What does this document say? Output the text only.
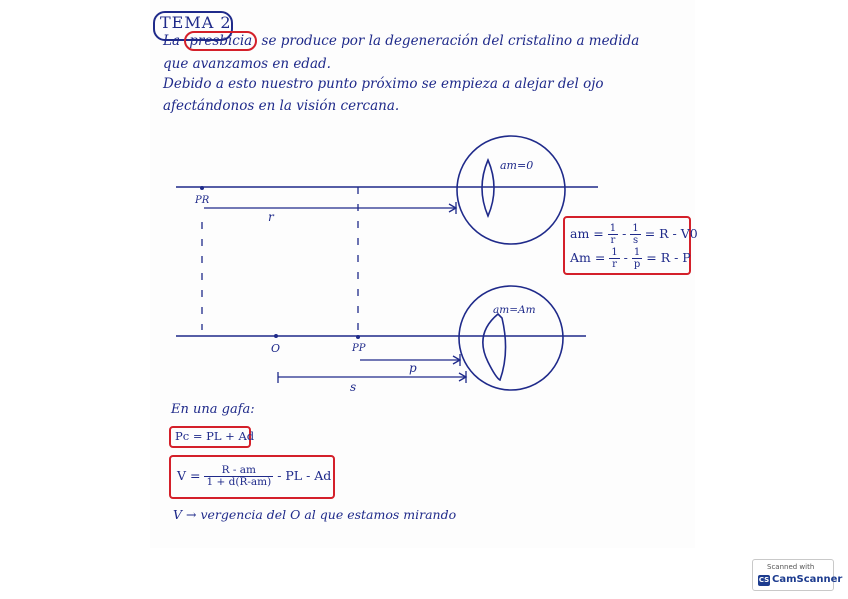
TEMA 2
La presbicia se produce por la degeneración del cristalino a medida
que avanzamos en edad.
Debido a esto nuestro punto próximo se empieza a alejar del ojo
afectándonos en la visión cercana.
am=0
PR
r
am=Am
O	PP
p
s
am = $\frac{1}{r} - \frac{1}{s} = R - V0$
$Am = \frac{1}{r} - \frac{1}{p} = R - P$
En una gafa:
Pc = PL + Ad
$V = \frac{R - am}{1 + d(R-am)}$ - PL - Ad
V → vergencia del O al que estamos mirando
Scanned with
CS CamScanner
